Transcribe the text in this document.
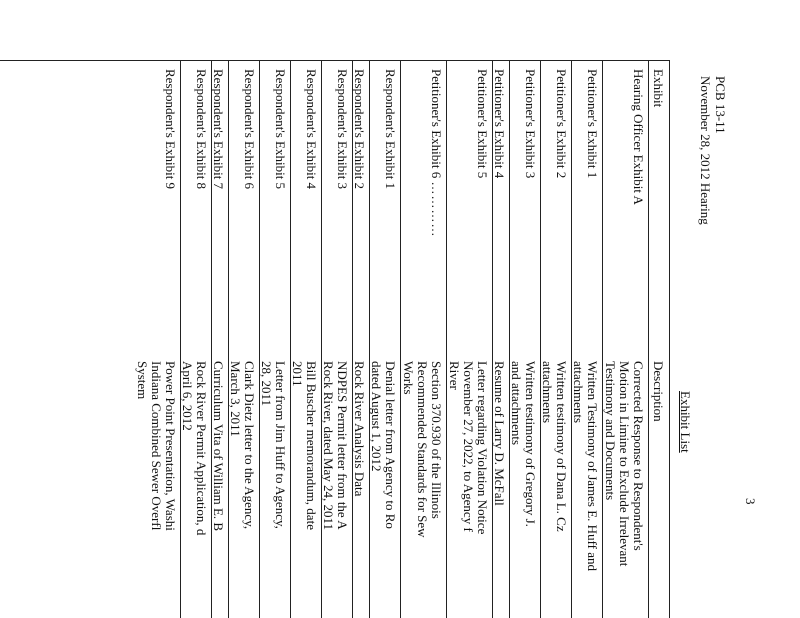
3
PCB 13-11
November 28, 2012 Hearing
Exhibit List
Exhibit
Description
Hearing Officer Exhibit A
Corrected Response to Respondent's
Motion in Limine to Exclude Irrelevant
Testimony and Documents
Petitioner's Exhibit 1
Written Testimony of James E. Huff and
attachments
Petitioner's Exhibit 2
Written testimony of Dana L. Cz
attachments
Petitioner's Exhibit 3
Written testimony of Gregory J.
and attachments
Petitioner's Exhibit 4
Resume of Larry D. McFall
Petitioner's Exhibit 5
Letter regarding Violation Notice
November 27, 2022, to Agency f
River
Petitioner's Exhibit 6 …………
Section 370.930 of the Illinois
Recommended Standards for Sew
Works
Respondent's Exhibit 1
Denial letter from Agency to Ro
dated August 1, 2012
Respondent's Exhibit 2
Rock River Analysis Data
Respondent's Exhibit 3
NDPES Permit letter from the A
Rock River, dated May 24, 2011
Respondent's Exhibit 4
Bill Buscher memorandum, date
2011
Respondent's Exhibit 5
Letter from Jim Huff to Agency,
28, 2011
Respondent's Exhibit 6
Clark Dietz letter to the Agency,
March 3, 2011
Respondent's Exhibit 7
Curriculum Vita of William E. B
Respondent's Exhibit 8
Rock River Permit Application, d
April 6, 2012
Respondent's Exhibit 9
Power Point Presentation, Washi
Indiana Combined Sewer Overfl
System
